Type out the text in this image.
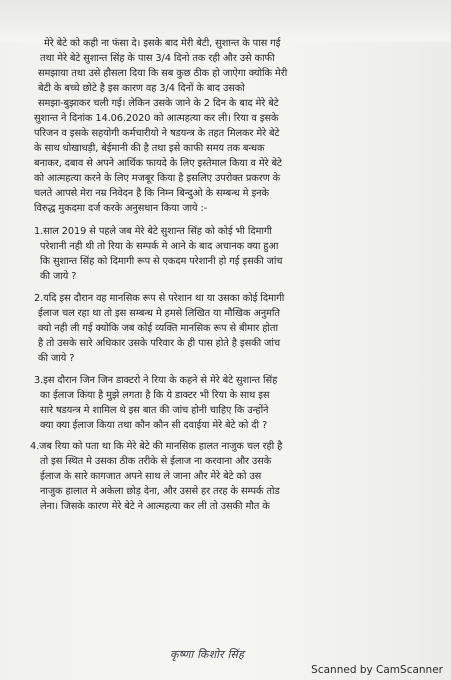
मेरे बेटे को कही ना फंसा दे। इसके बाद मेरी बेटी, सुशान्त के पास गई
तथा मेरे बेटे सुशान्त सिंह के पास 3/4 दिनो तक रही और उसे काफी
समझाया तथा उसे हौसला दिया कि सब कुछ ठीक हो जाऐगा क्योकि मेरी
बेटी के बच्चे छोटे है इस कारण वह 3/4 दिनों के बाद उसको
समझा-बुझाकर चली गई। लेकिन उसके जाने के 2 दिन के बाद मेरे बेटे
सुशान्त ने दिनांक 14.06.2020 को आत्महत्या कर ली। रिया व इसके
परिजन व इसके सहयोगी कर्मचारीयो ने षडयन्त्र के तहत मिलकर मेरे बेटे
के साथ धोखाधड़ी, बेईमानी की है तथा इसे काफी समय तक बन्धक
बनाकर, दबाव से अपने आर्थिक फायदे के लिए इस्तेमाल किया व मेरे बेटे
को आत्महत्या करने के लिए मजबूर किया है इसलिए उपरोक्त प्रकरण के
चलते आपसे मेरा नम्र निवेदन है कि निम्न बिन्दुओ के सम्बन्ध मे इनके
विरुद्ध मुकदमा दर्ज करके अनुसधान किया जाये :-
1.साल 2019 से पहले जब मेरे बेटे सुशान्त सिंह को कोई भी दिमागी
परेशानी नही थी तो रिया के सम्पर्क मे आने के बाद अचानक क्या हुआ
कि सुशान्त सिंह को दिमागी रूप से एकदम परेशानी हो गई इसकी जांच
की जाये ?
2.यदि इस दौरान वह मानसिक रूप से परेशान था या उसका कोई दिमागी
ईलाज चल रहा था तो इस सम्बन्ध मे हमसे लिखित या मौखिक अनुमति
क्यो नही ली गई क्योकि जब कोई व्यक्ति मानसिक रूप से बीमार होता
है तो उसके सारे अधिकार उसके परिवार के ही पास होते है इसकी जांच
की जाये ?
3.इस दौरान जिन जिन डाक्टरो ने रिया के कहने से मेरे बेटे सुशान्त सिंह
का ईलाज किया है मुझे लगता है कि ये डाक्टर भी रिया के साथ इस
सारे षडयन्त्र मे शामिल थे इस बात की जांच होनी चाहिए कि उन्होंने
क्या क्या ईलाज किया तथा कौन कौन सी दवाईया मेरे बेटे को दी ?
4.जब रिया को पता था कि मेरे बेटे की मानसिक हालत नाजुक चल रही है
तो इस स्थित मे उसका ठीक तरीके से ईलाज ना करवाना और उसके
ईलाज के सारे कागजात अपने साथ ले जाना और मेरे बेटे को उस
नाजुक हालात मे अकेला छोड़ देना, और उससे हर तरह के सम्पर्क तोड
लेना। जिसके कारण मेरे बेटे ने आत्महत्या कर ली तो उसकी मौत के
कृष्णा किशोर सिंह
Scanned by CamScanner
